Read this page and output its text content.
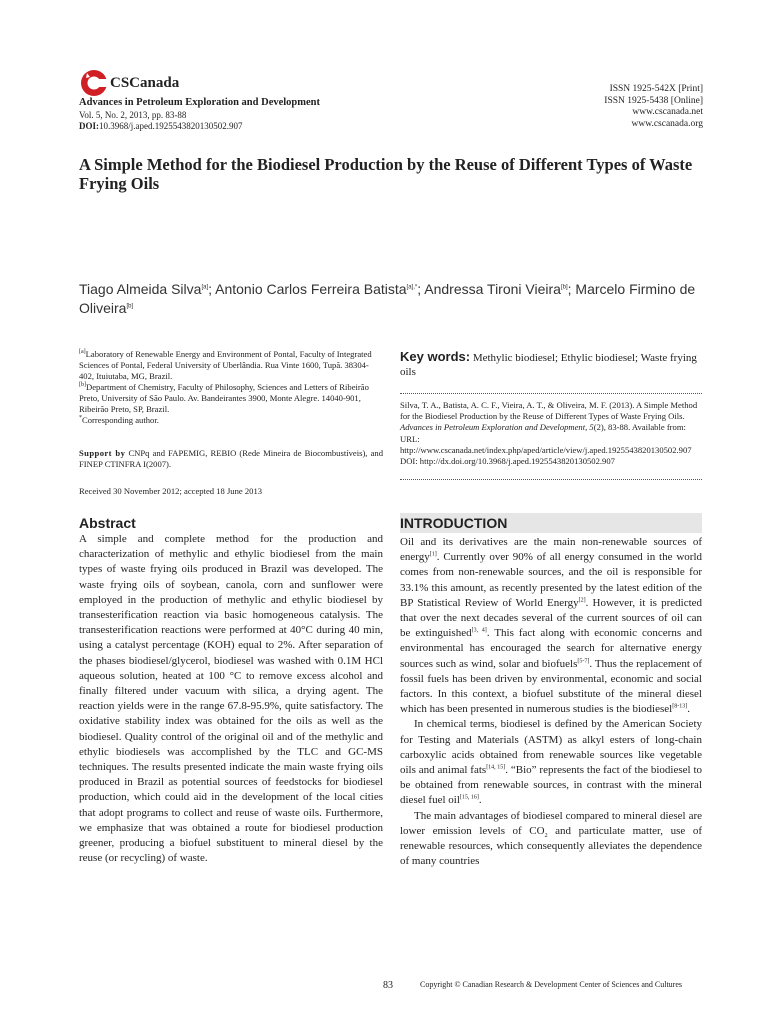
CSCanada
Advances in Petroleum Exploration and Development
Vol. 5, No. 2, 2013, pp. 83-88
DOI:10.3968/j.aped.1925543820130502.907
ISSN 1925-542X [Print]
ISSN 1925-5438 [Online]
www.cscanada.net
www.cscanada.org
A Simple Method for the Biodiesel Production by the Reuse of Different Types of Waste Frying Oils
Tiago Almeida Silva[a]; Antonio Carlos Ferreira Batista$^{[a],*}$; Andressa Tironi Vieira[b]; Marcelo Firmino de Oliveira[b]

[a]Laboratory of Renewable Energy and Environment of Pontal, Faculty of Integrated Sciences of Pontal, Federal University of Uberlândia. Rua Vinte 1600, Tupã. 38304-402, Ituiutaba, MG, Brazil.

[b]Department of Chemistry, Faculty of Philosophy, Sciences and Letters of Ribeirão Preto, University of São Paulo. Av. Bandeirantes 3900, Monte Alegre. 14040-901, Ribeirão Preto, SP, Brazil.

*Corresponding author.

Support by CNPq and FAPEMIG, REBIO (Rede Mineira de Biocombustíveis), and FINEP CTINFRA I(2007).
Received 30 November 2012; accepted 18 June 2013
Abstract
A simple and complete method for the production and characterization of methylic and ethylic biodiesel from the main types of waste frying oils produced in Brazil was developed. The waste frying oils of soybean, canola, corn and sunflower were employed in the production of methylic and ethylic biodiesel by transesterification reaction via basic homogeneous catalysis. The transesterification reactions were performed at 40°C during 40 min, using a catalyst percentage (KOH) equal to 2%. After separation of the phases biodiesel/glycerol, biodiesel was washed with 0.1M HCl aqueous solution, heated at 100 °C to remove excess alcohol and finally filtered under vacuum with silica, a drying agent. The reaction yields were in the range 67.8-95.9%, quite satisfactory. The oxidative stability index was obtained for the oils as well as the biodiesel. Quality control of the original oil and of the methylic and ethylic biodiesels was accomplished by the TLC and GC-MS techniques. The results presented indicate the main waste frying oils produced in Brazil as potential sources of feedstocks for biodiesel production, which could aid in the development of the local cities that adopt programs to collect and reuse of waste oils. Furthermore, we emphasize that was obtained a route for biodiesel production greener, producing a biofuel substituent to mineral diesel by the reuse (or recycling) of waste.
Key words: Methylic biodiesel; Ethylic biodiesel; Waste frying oils
Silva, T. A., Batista, A. C. F., Vieira, A. T., & Oliveira, M. F. (2013). A Simple Method for the Biodiesel Production by the Reuse of Different Types of Waste Frying Oils. Advances in Petroleum Exploration and Development, 5(2), 83-88. Available from: URL: http://www.cscanada.net/index.php/aped/article/view/j.aped.1925543820130502.907 DOI: http://dx.doi.org/10.3968/j.aped.1925543820130502.907
INTRODUCTION

Oil and its derivatives are the main non-renewable sources of energy[1]. Currently over 90% of all energy consumed in the world comes from non-renewable sources, and the oil is responsible for 33.1% this amount, as recently presented by the latest edition of the BP Statistical Review of World Energy[2]. However, it is predicted that over the next decades several of the current sources of oil can be extinguished[3, 4]. This fact along with economic concerns and environmental has encouraged the search for alternative energy sources such as wind, solar and biofuels[5-7]. Thus the replacement of fossil fuels has been driven by environmental, economic and social factors. In this context, a biofuel substitute of the mineral diesel which has been presented in numerous studies is the biodiesel[8-13].

In chemical terms, biodiesel is defined by the American Society for Testing and Materials (ASTM) as alkyl esters of long-chain carboxylic acids obtained from renewable sources like vegetable oils and animal fats[14, 15]. “Bio” represents the fact of the biodiesel to be obtained from renewable sources, in contrast with the mineral diesel fuel oil[15, 16].

The main advantages of biodiesel compared to mineral diesel are lower emission levels of $CO_2$ and particulate matter, use of renewable resources, which consequently alleviates the dependence of many countries

83	Copyright © Canadian Research & Development Center of Sciences and Cultures
